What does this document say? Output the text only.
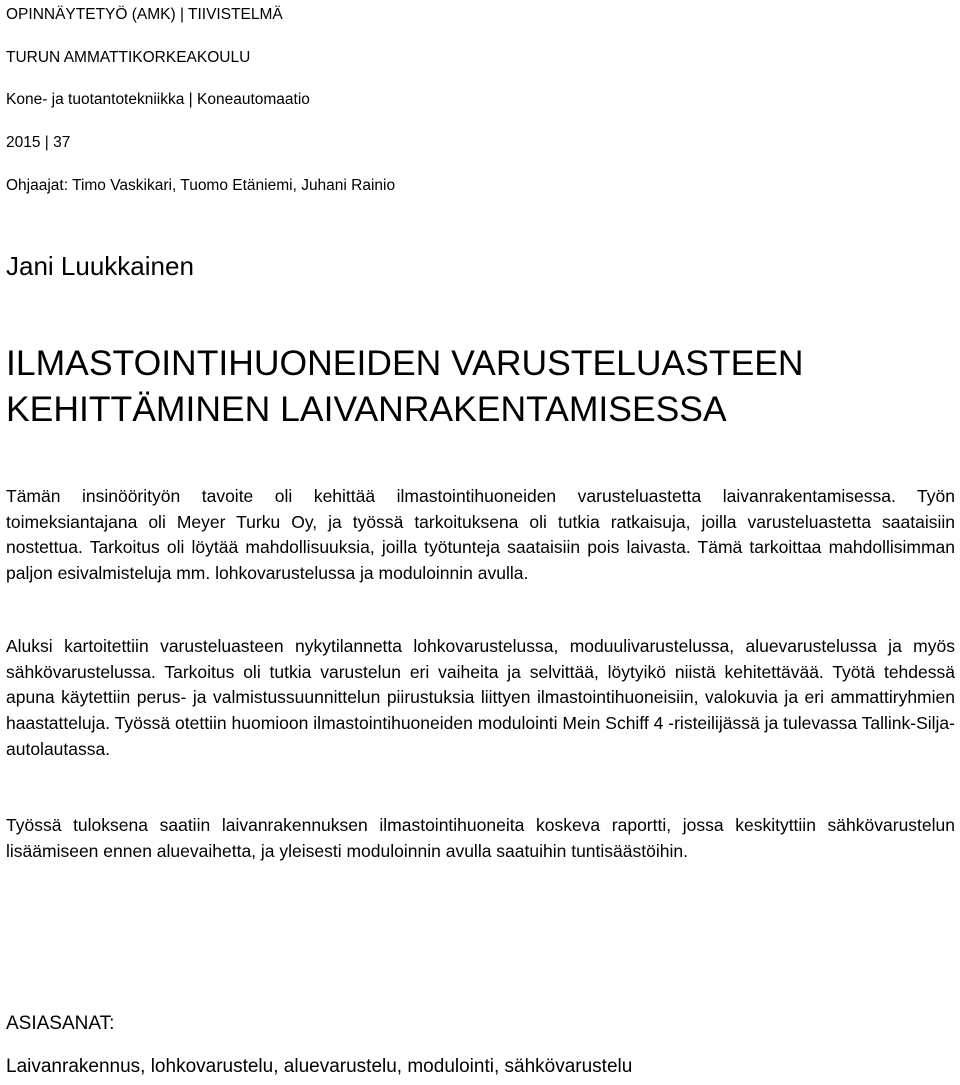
OPINNÄYTETYÖ (AMK) | TIIVISTELMÄ
TURUN AMMATTIKORKEAKOULU
Kone- ja tuotantotekniikka | Koneautomaatio
2015 | 37
Ohjaajat: Timo Vaskikari, Tuomo Etäniemi, Juhani Rainio
Jani Luukkainen
ILMASTOINTIHUONEIDEN VARUSTELUASTEEN
KEHITTÄMINEN LAIVANRAKENTAMISESSA

Tämän insinöörityön tavoite oli kehittää ilmastointihuoneiden varusteluastetta laivanrakentamisessa. Työn toimeksiantajana oli Meyer Turku Oy, ja työssä tarkoituksena oli tutkia ratkaisuja, joilla varusteluastetta saataisiin nostettua. Tarkoitus oli löytää mahdollisuuksia, joilla työtunteja saataisiin pois laivasta. Tämä tarkoittaa mahdollisimman paljon esivalmisteluja mm. lohkovarustelussa ja moduloinnin avulla.

Aluksi kartoitettiin varusteluasteen nykytilannetta lohkovarustelussa, moduulivarustelussa, aluevarustelussa ja myös sähkövarustelussa. Tarkoitus oli tutkia varustelun eri vaiheita ja selvittää, löytyikö niistä kehitettävää. Työtä tehdessä apuna käytettiin perus- ja valmistussuunnittelun piirustuksia liittyen ilmastointihuoneisiin, valokuvia ja eri ammattiryhmien haastatteluja. Työssä otettiin huomioon ilmastointihuoneiden modulointi Mein Schiff 4 -risteilijässä ja tulevassa Tallink-Silja-autolautassa.

Työssä tuloksena saatiin laivanrakennuksen ilmastointihuoneita koskeva raportti, jossa keskityttiin sähkövarustelun lisäämiseen ennen aluevaihetta, ja yleisesti moduloinnin avulla saatuihin tuntisäästöihin.

ASIASANAT:
Laivanrakennus, lohkovarustelu, aluevarustelu, modulointi, sähkövarustelu
